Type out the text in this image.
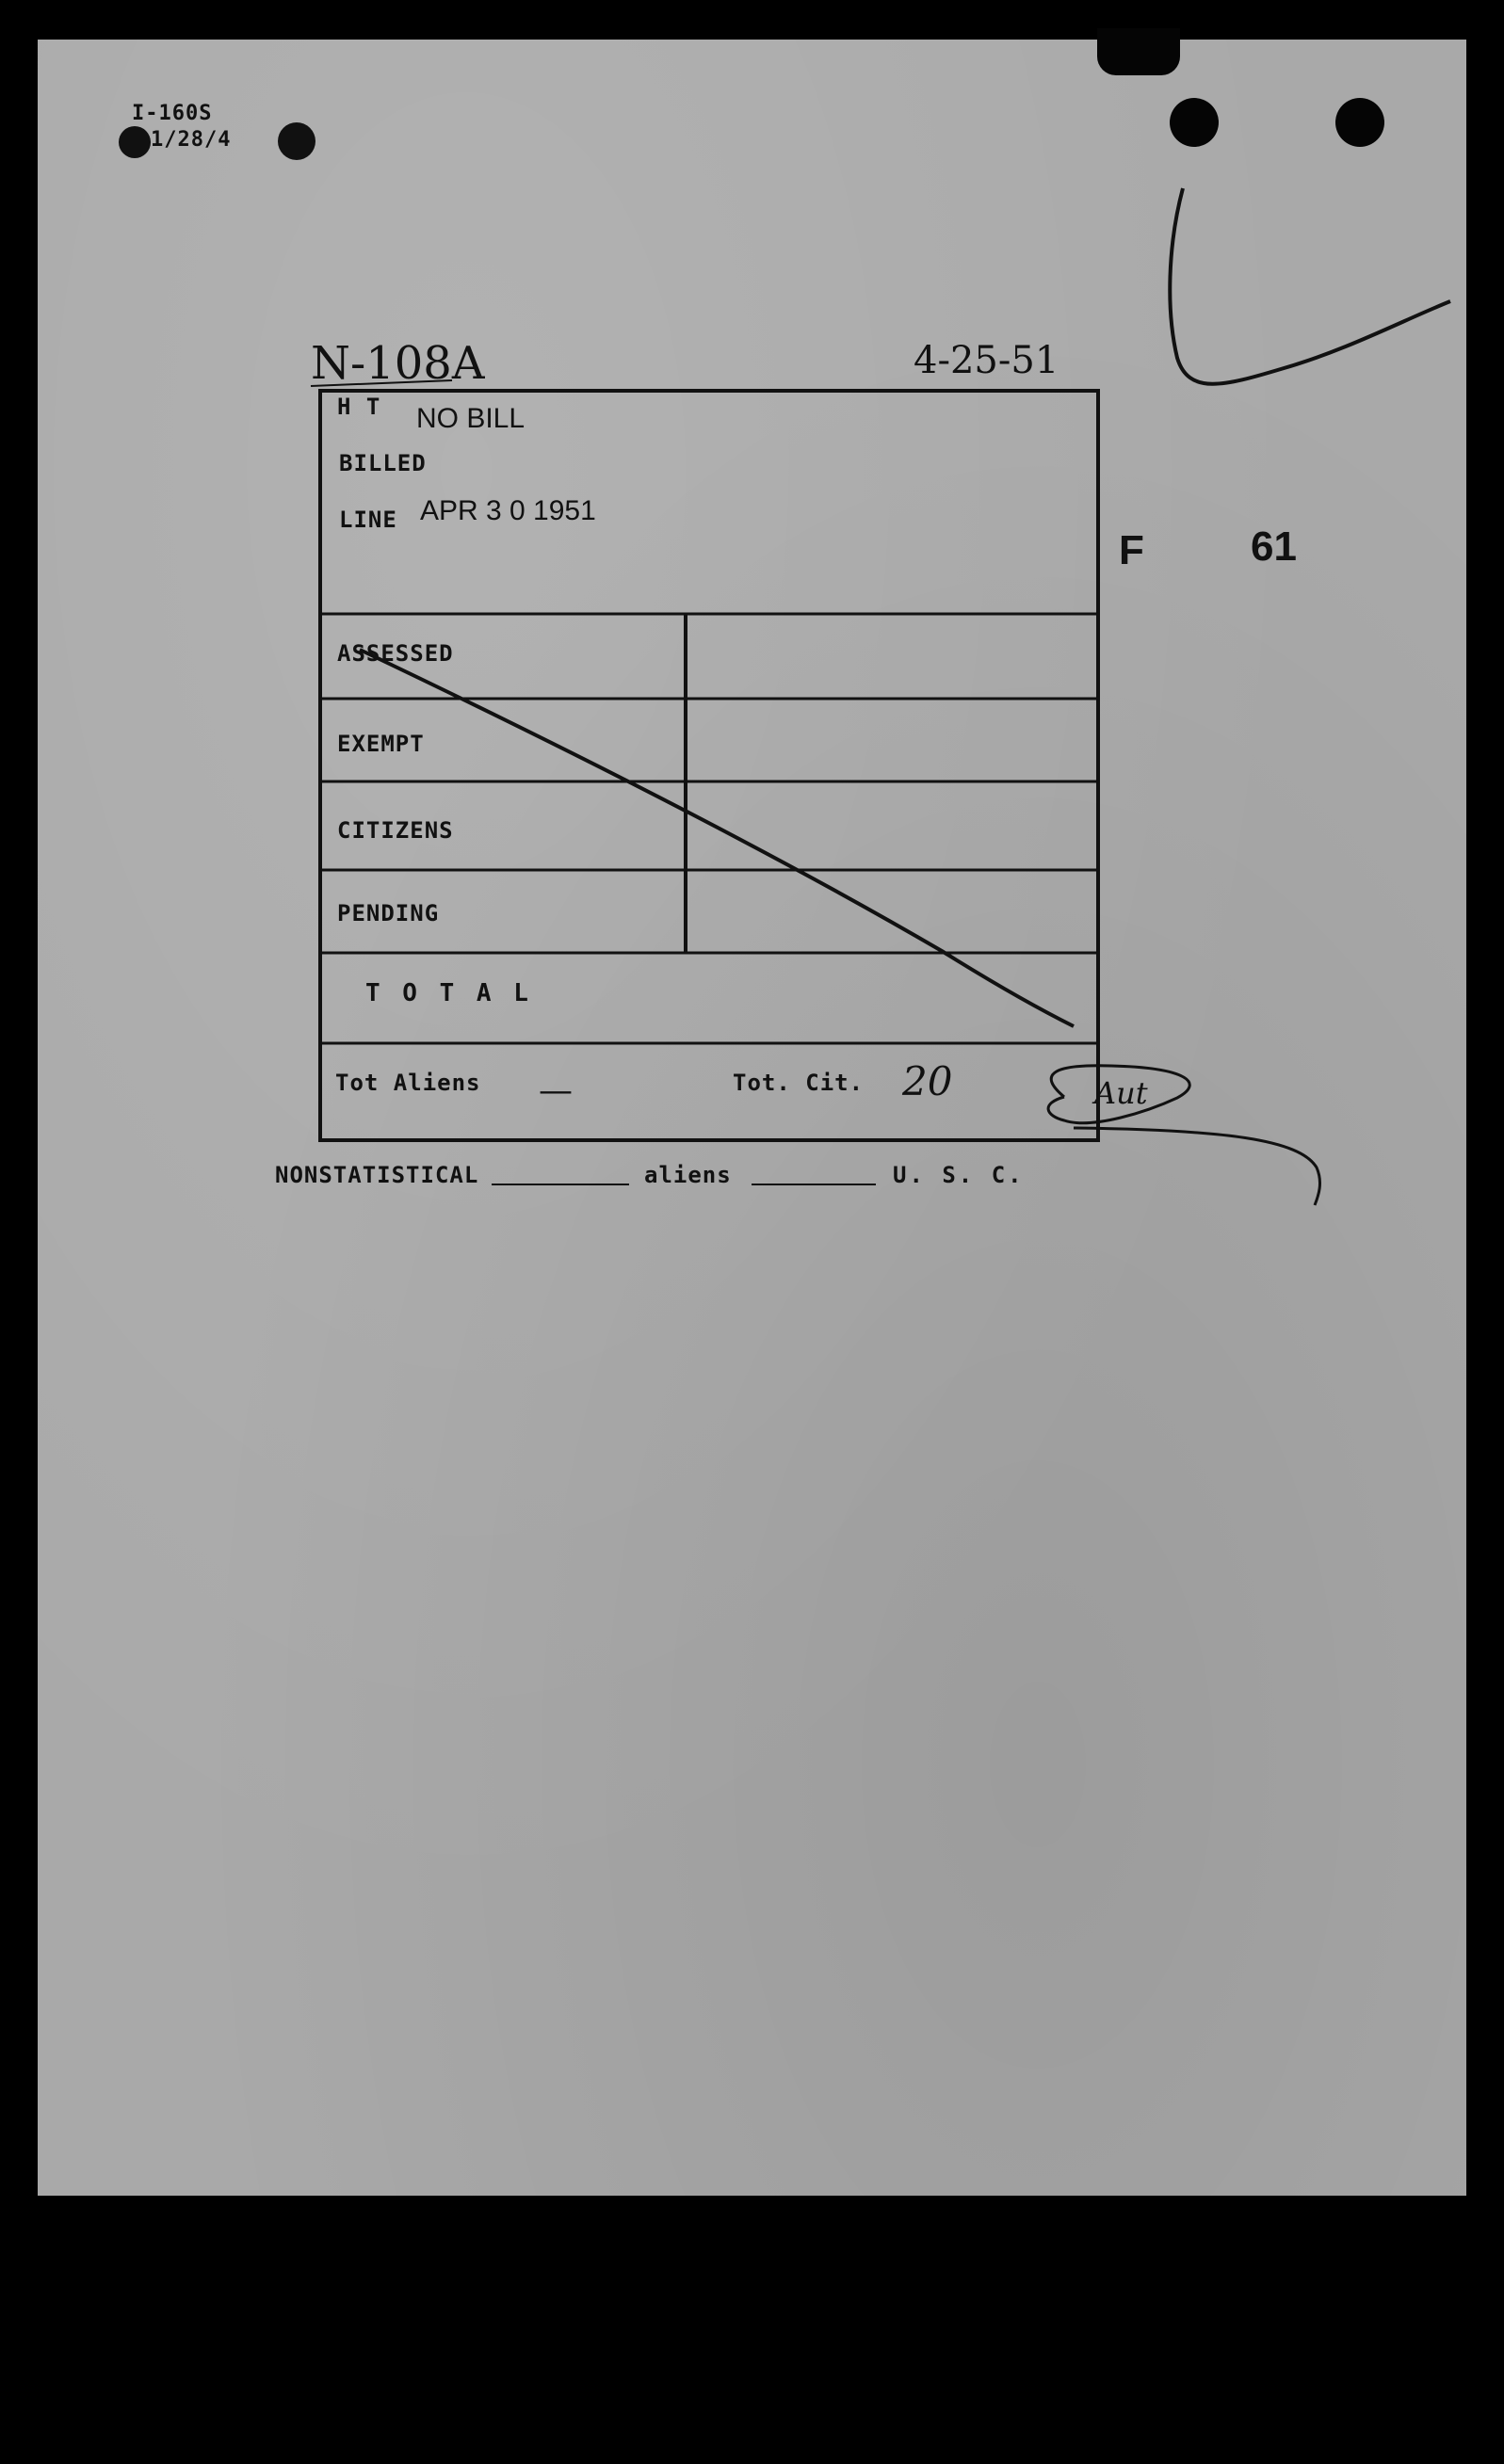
I-160S
1/28/4
N-108A	4-25-51
F	61
H T NO BILL
BILLED
LINE APR 3 0 1951
ASSESSED
EXEMPT
CITIZENS
PENDING
T O T A L
Tot Aliens —	Tot. Cit. 20	Aut
NONSTATISTICAL	aliens	U. S. C.
